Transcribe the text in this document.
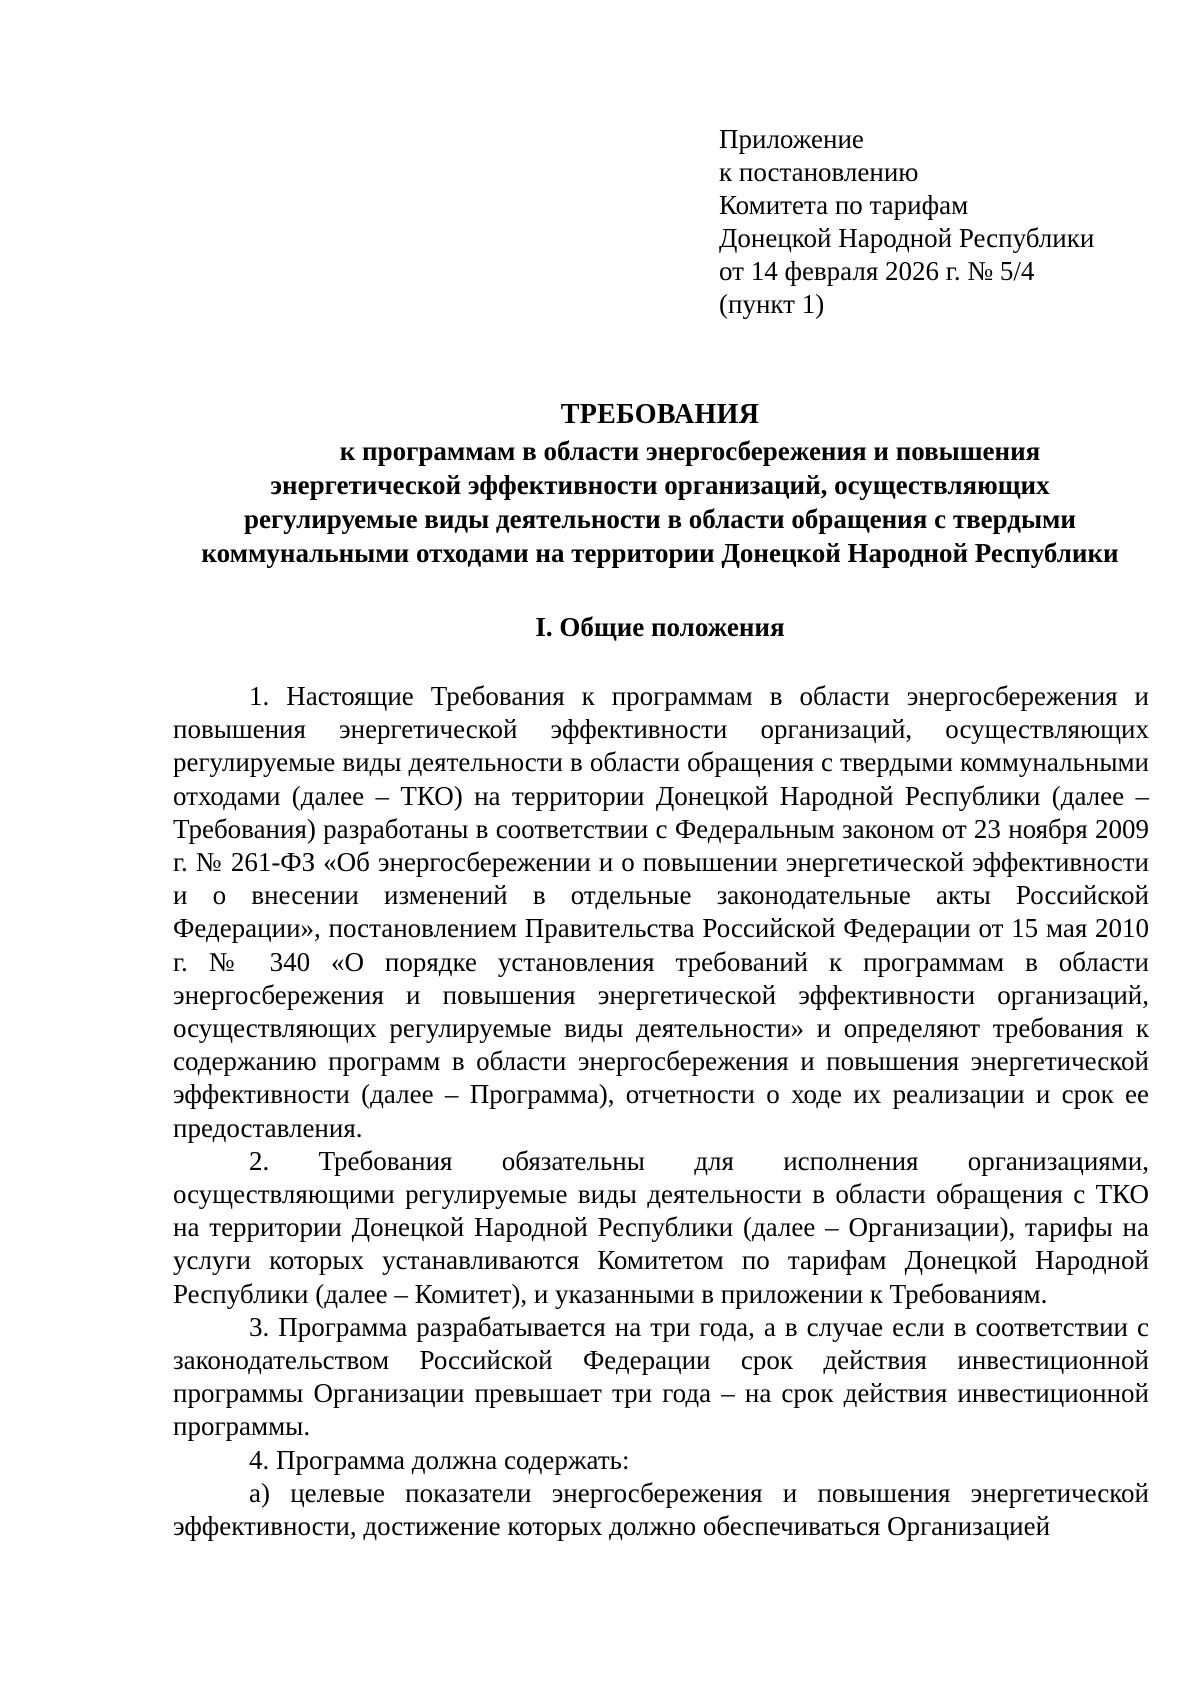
Приложение
к постановлению
Комитета по тарифам
Донецкой Народной Республики
от 14 февраля 2026 г. № 5/4
(пункт 1)
ТРЕБОВАНИЯ
к программам в области энергосбережения и повышения
энергетической эффективности организаций, осуществляющих
регулируемые виды деятельности в области обращения с твердыми
коммунальными отходами на территории Донецкой Народной Республики
I. Общие положения

1. Настоящие Требования к программам в области энергосбережения и повышения энергетической эффективности организаций, осуществляющих регулируемые виды деятельности в области обращения с твердыми коммунальными отходами (далее – ТКО) на территории Донецкой Народной Республики (далее – Требования) разработаны в соответствии с Федеральным законом от 23 ноября 2009 г. № 261-ФЗ «Об энергосбережении и о повышении энергетической эффективности и о внесении изменений в отдельные законодательные акты Российской Федерации», постановлением Правительства Российской Федерации от 15 мая 2010 г. № 340 «О порядке установления требований к программам в области энергосбережения и повышения энергетической эффективности организаций, осуществляющих регулируемые виды деятельности» и определяют требования к содержанию программ в области энергосбережения и повышения энергетической эффективности (далее – Программа), отчетности о ходе их реализации и срок ее предоставления.

2. Требования обязательны для исполнения организациями, осуществляющими регулируемые виды деятельности в области обращения с ТКО на территории Донецкой Народной Республики (далее – Организации), тарифы на услуги которых устанавливаются Комитетом по тарифам Донецкой Народной Республики (далее – Комитет), и указанными в приложении к Требованиям.

3. Программа разрабатывается на три года, а в случае если в соответствии с законодательством Российской Федерации срок действия инвестиционной программы Организации превышает три года – на срок действия инвестиционной программы.

4. Программа должна содержать:

а) целевые показатели энергосбережения и повышения энергетической эффективности, достижение которых должно обеспечиваться Организацией
